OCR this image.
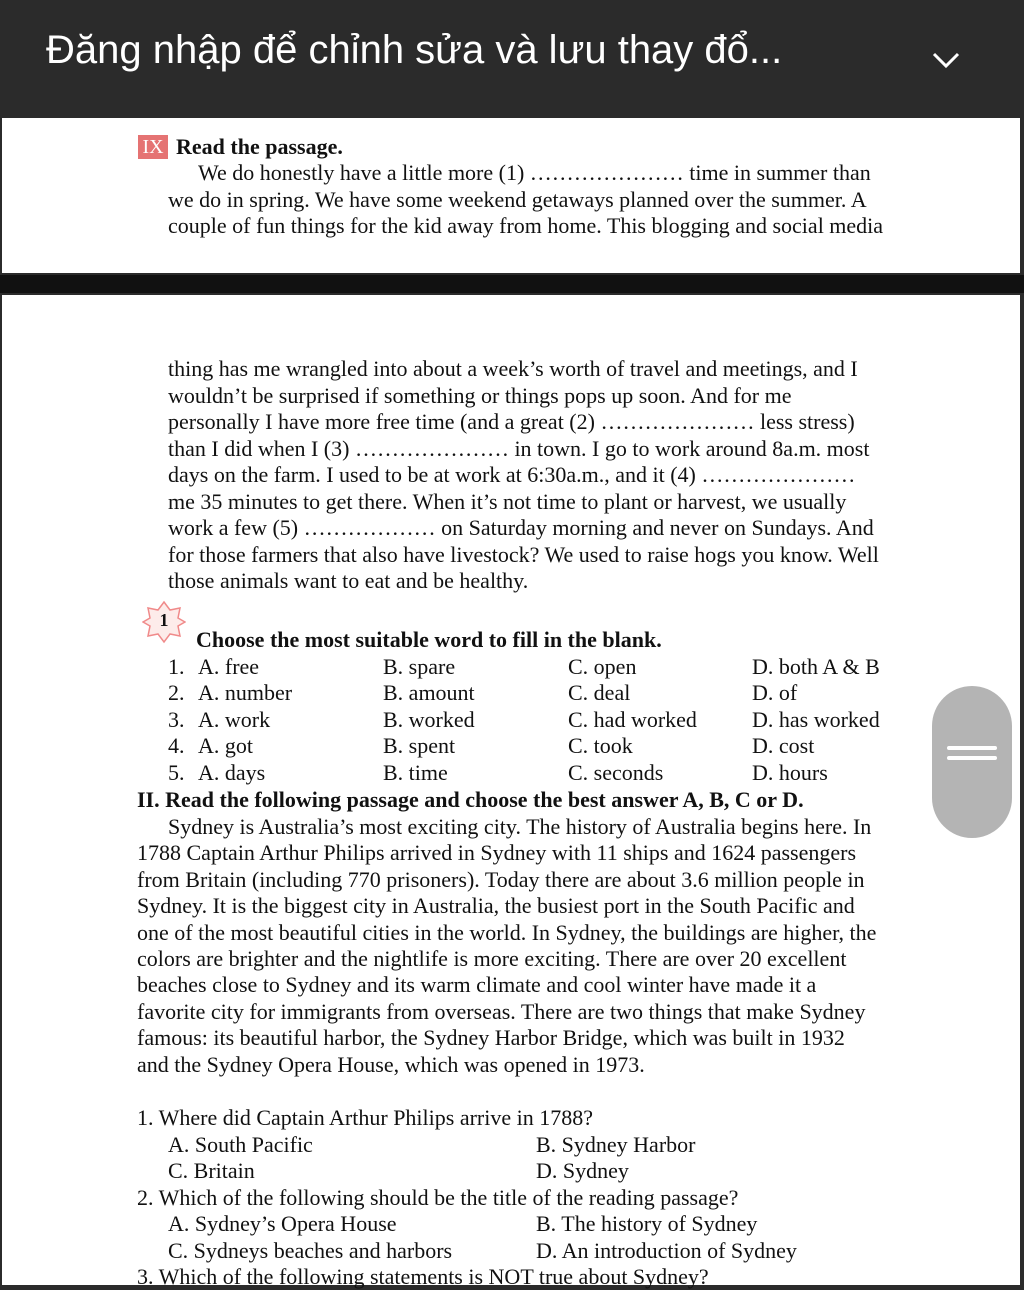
Đăng nhập để chỉnh sửa và lưu thay đổ...
IX Read the passage.
We do honestly have a little more (1) ………………… time in summer than
we do in spring. We have some weekend getaways planned over the summer. A
couple of fun things for the kid away from home. This blogging and social media
thing has me wrangled into about a week’s worth of travel and meetings, and I
wouldn’t be surprised if something or things pops up soon. And for me
personally I have more free time (and a great (2) ………………… less stress)
than I did when I (3) ………………… in town. I go to work around 8a.m. most
days on the farm. I used to be at work at 6:30a.m., and it (4) …………………
me 35 minutes to get there. When it’s not time to plant or harvest, we usually
work a few (5) ……………… on Saturday morning and never on Sundays. And
for those farmers that also have livestock? We used to raise hogs you know. Well
those animals want to eat and be healthy.
1
Choose the most suitable word to fill in the blank.
1. A. free	B. spare	C. open	D. both A & B
2. A. number	B. amount	C. deal	D. of
3. A. work	B. worked	C. had worked	D. has worked
4. A. got	B. spent	C. took	D. cost
5. A. days	B. time	C. seconds	D. hours
II. Read the following passage and choose the best answer A, B, C or D.
Sydney is Australia’s most exciting city. The history of Australia begins here. In
1788 Captain Arthur Philips arrived in Sydney with 11 ships and 1624 passengers
from Britain (including 770 prisoners). Today there are about 3.6 million people in
Sydney. It is the biggest city in Australia, the busiest port in the South Pacific and
one of the most beautiful cities in the world. In Sydney, the buildings are higher, the
colors are brighter and the nightlife is more exciting. There are over 20 excellent
beaches close to Sydney and its warm climate and cool winter have made it a
favorite city for immigrants from overseas. There are two things that make Sydney
famous: its beautiful harbor, the Sydney Harbor Bridge, which was built in 1932
and the Sydney Opera House, which was opened in 1973.
1. Where did Captain Arthur Philips arrive in 1788?
A. South Pacific	B. Sydney Harbor
C. Britain	D. Sydney
2. Which of the following should be the title of the reading passage?
A. Sydney’s Opera House	B. The history of Sydney
C. Sydneys beaches and harbors	D. An introduction of Sydney
3. Which of the following statements is NOT true about Sydney?
